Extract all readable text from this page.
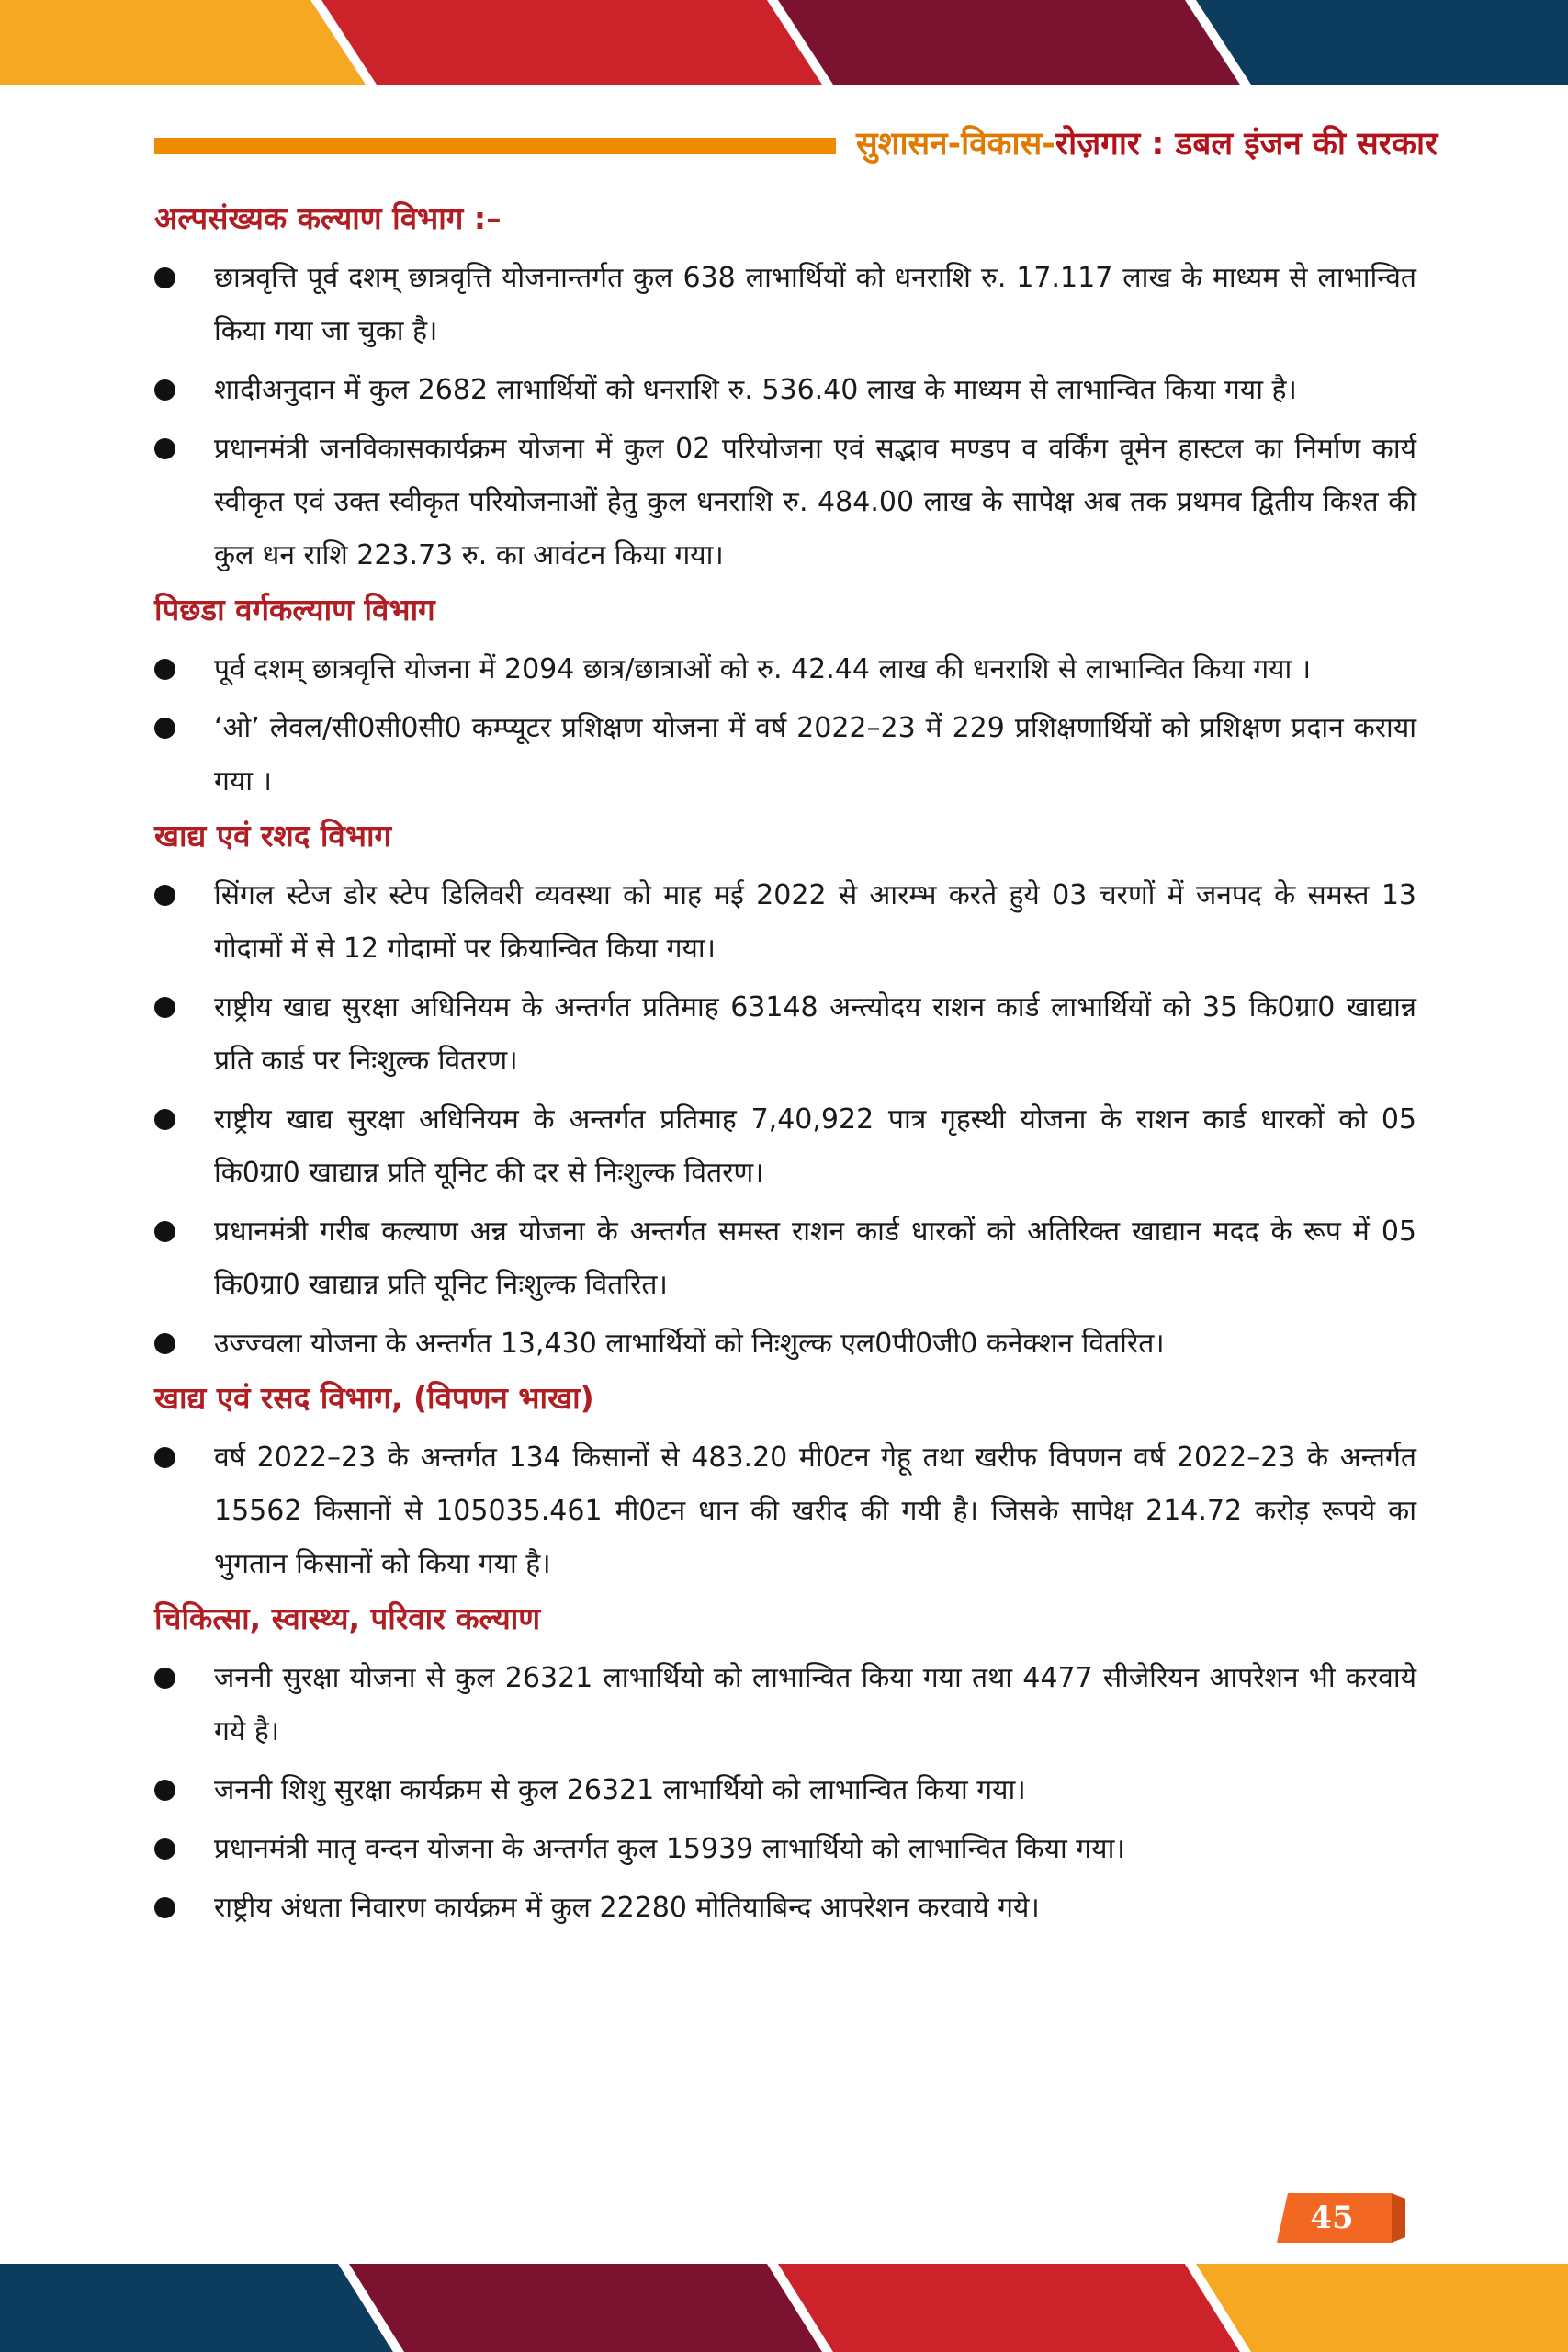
सुशासन-विकास-रोज़गार : डबल इंजन की सरकार
अल्पसंख्यक कल्याण विभाग :–
छात्रवृत्ति पूर्व दशम् छात्रवृत्ति योजनान्तर्गत कुल 638 लाभार्थियों को धनराशि रु. 17.117 लाख के माध्यम से लाभान्वित किया गया जा चुका है।
शादीअनुदान में कुल 2682 लाभार्थियों को धनराशि रु. 536.40 लाख के माध्यम से लाभान्वित किया गया है।
प्रधानमंत्री जनविकासकार्यक्रम योजना में कुल 02 परियोजना एवं सद्भाव मण्डप व वर्किंग वूमेन हास्टल का निर्माण कार्य स्वीकृत एवं उक्त स्वीकृत परियोजनाओं हेतु कुल धनराशि रु. 484.00 लाख के सापेक्ष अब तक प्रथमव द्वितीय किश्त की कुल धन राशि 223.73 रु. का आवंटन किया गया।
पिछडा वर्गकल्याण विभाग
पूर्व दशम् छात्रवृत्ति योजना में 2094 छात्र/छात्राओं को रु. 42.44 लाख की धनराशि से लाभान्वित किया गया ।
‘ओ’ लेवल/सी0सी0सी0 कम्प्यूटर प्रशिक्षण योजना में वर्ष 2022–23 में 229 प्रशिक्षणार्थियों को प्रशिक्षण प्रदान कराया गया ।
खाद्य एवं रशद विभाग
सिंगल स्टेज डोर स्टेप डिलिवरी व्यवस्था को माह मई 2022 से आरम्भ करते हुये 03 चरणों में जनपद के समस्त 13 गोदामों में से 12 गोदामों पर क्रियान्वित किया गया।
राष्ट्रीय खाद्य सुरक्षा अधिनियम के अन्तर्गत प्रतिमाह 63148 अन्त्योदय राशन कार्ड लाभार्थियों को 35 कि0ग्रा0 खाद्यान्न प्रति कार्ड पर निःशुल्क वितरण।
राष्ट्रीय खाद्य सुरक्षा अधिनियम के अन्तर्गत प्रतिमाह 7,40,922 पात्र गृहस्थी योजना के राशन कार्ड धारकों को 05 कि0ग्रा0 खाद्यान्न प्रति यूनिट की दर से निःशुल्क वितरण।
प्रधानमंत्री गरीब कल्याण अन्न योजना के अन्तर्गत समस्त राशन कार्ड धारकों को अतिरिक्त खाद्यान मदद के रूप में 05 कि0ग्रा0 खाद्यान्न प्रति यूनिट निःशुल्क वितरित।
उज्ज्वला योजना के अन्तर्गत 13,430 लाभार्थियों को निःशुल्क एल0पी0जी0 कनेक्शन वितरित।
खाद्य एवं रसद विभाग, (विपणन भाखा)
वर्ष 2022–23 के अन्तर्गत 134 किसानों से 483.20 मी0टन गेहू तथा खरीफ विपणन वर्ष 2022–23 के अन्तर्गत 15562 किसानों से 105035.461 मी0टन धान की खरीद की गयी है। जिसके सापेक्ष 214.72 करोड़ रूपये का भुगतान किसानों को किया गया है।
चिकित्सा, स्वास्थ्य, परिवार कल्याण
जननी सुरक्षा योजना से कुल 26321 लाभार्थियो को लाभान्वित किया गया तथा 4477 सीजेरियन आपरेशन भी करवाये गये है।
जननी शिशु सुरक्षा कार्यक्रम से कुल 26321 लाभार्थियो को लाभान्वित किया गया।
प्रधानमंत्री मातृ वन्दन योजना के अन्तर्गत कुल 15939 लाभार्थियो को लाभान्वित किया गया।
राष्ट्रीय अंधता निवारण कार्यक्रम में कुल 22280 मोतियाबिन्द आपरेशन करवाये गये।
45
